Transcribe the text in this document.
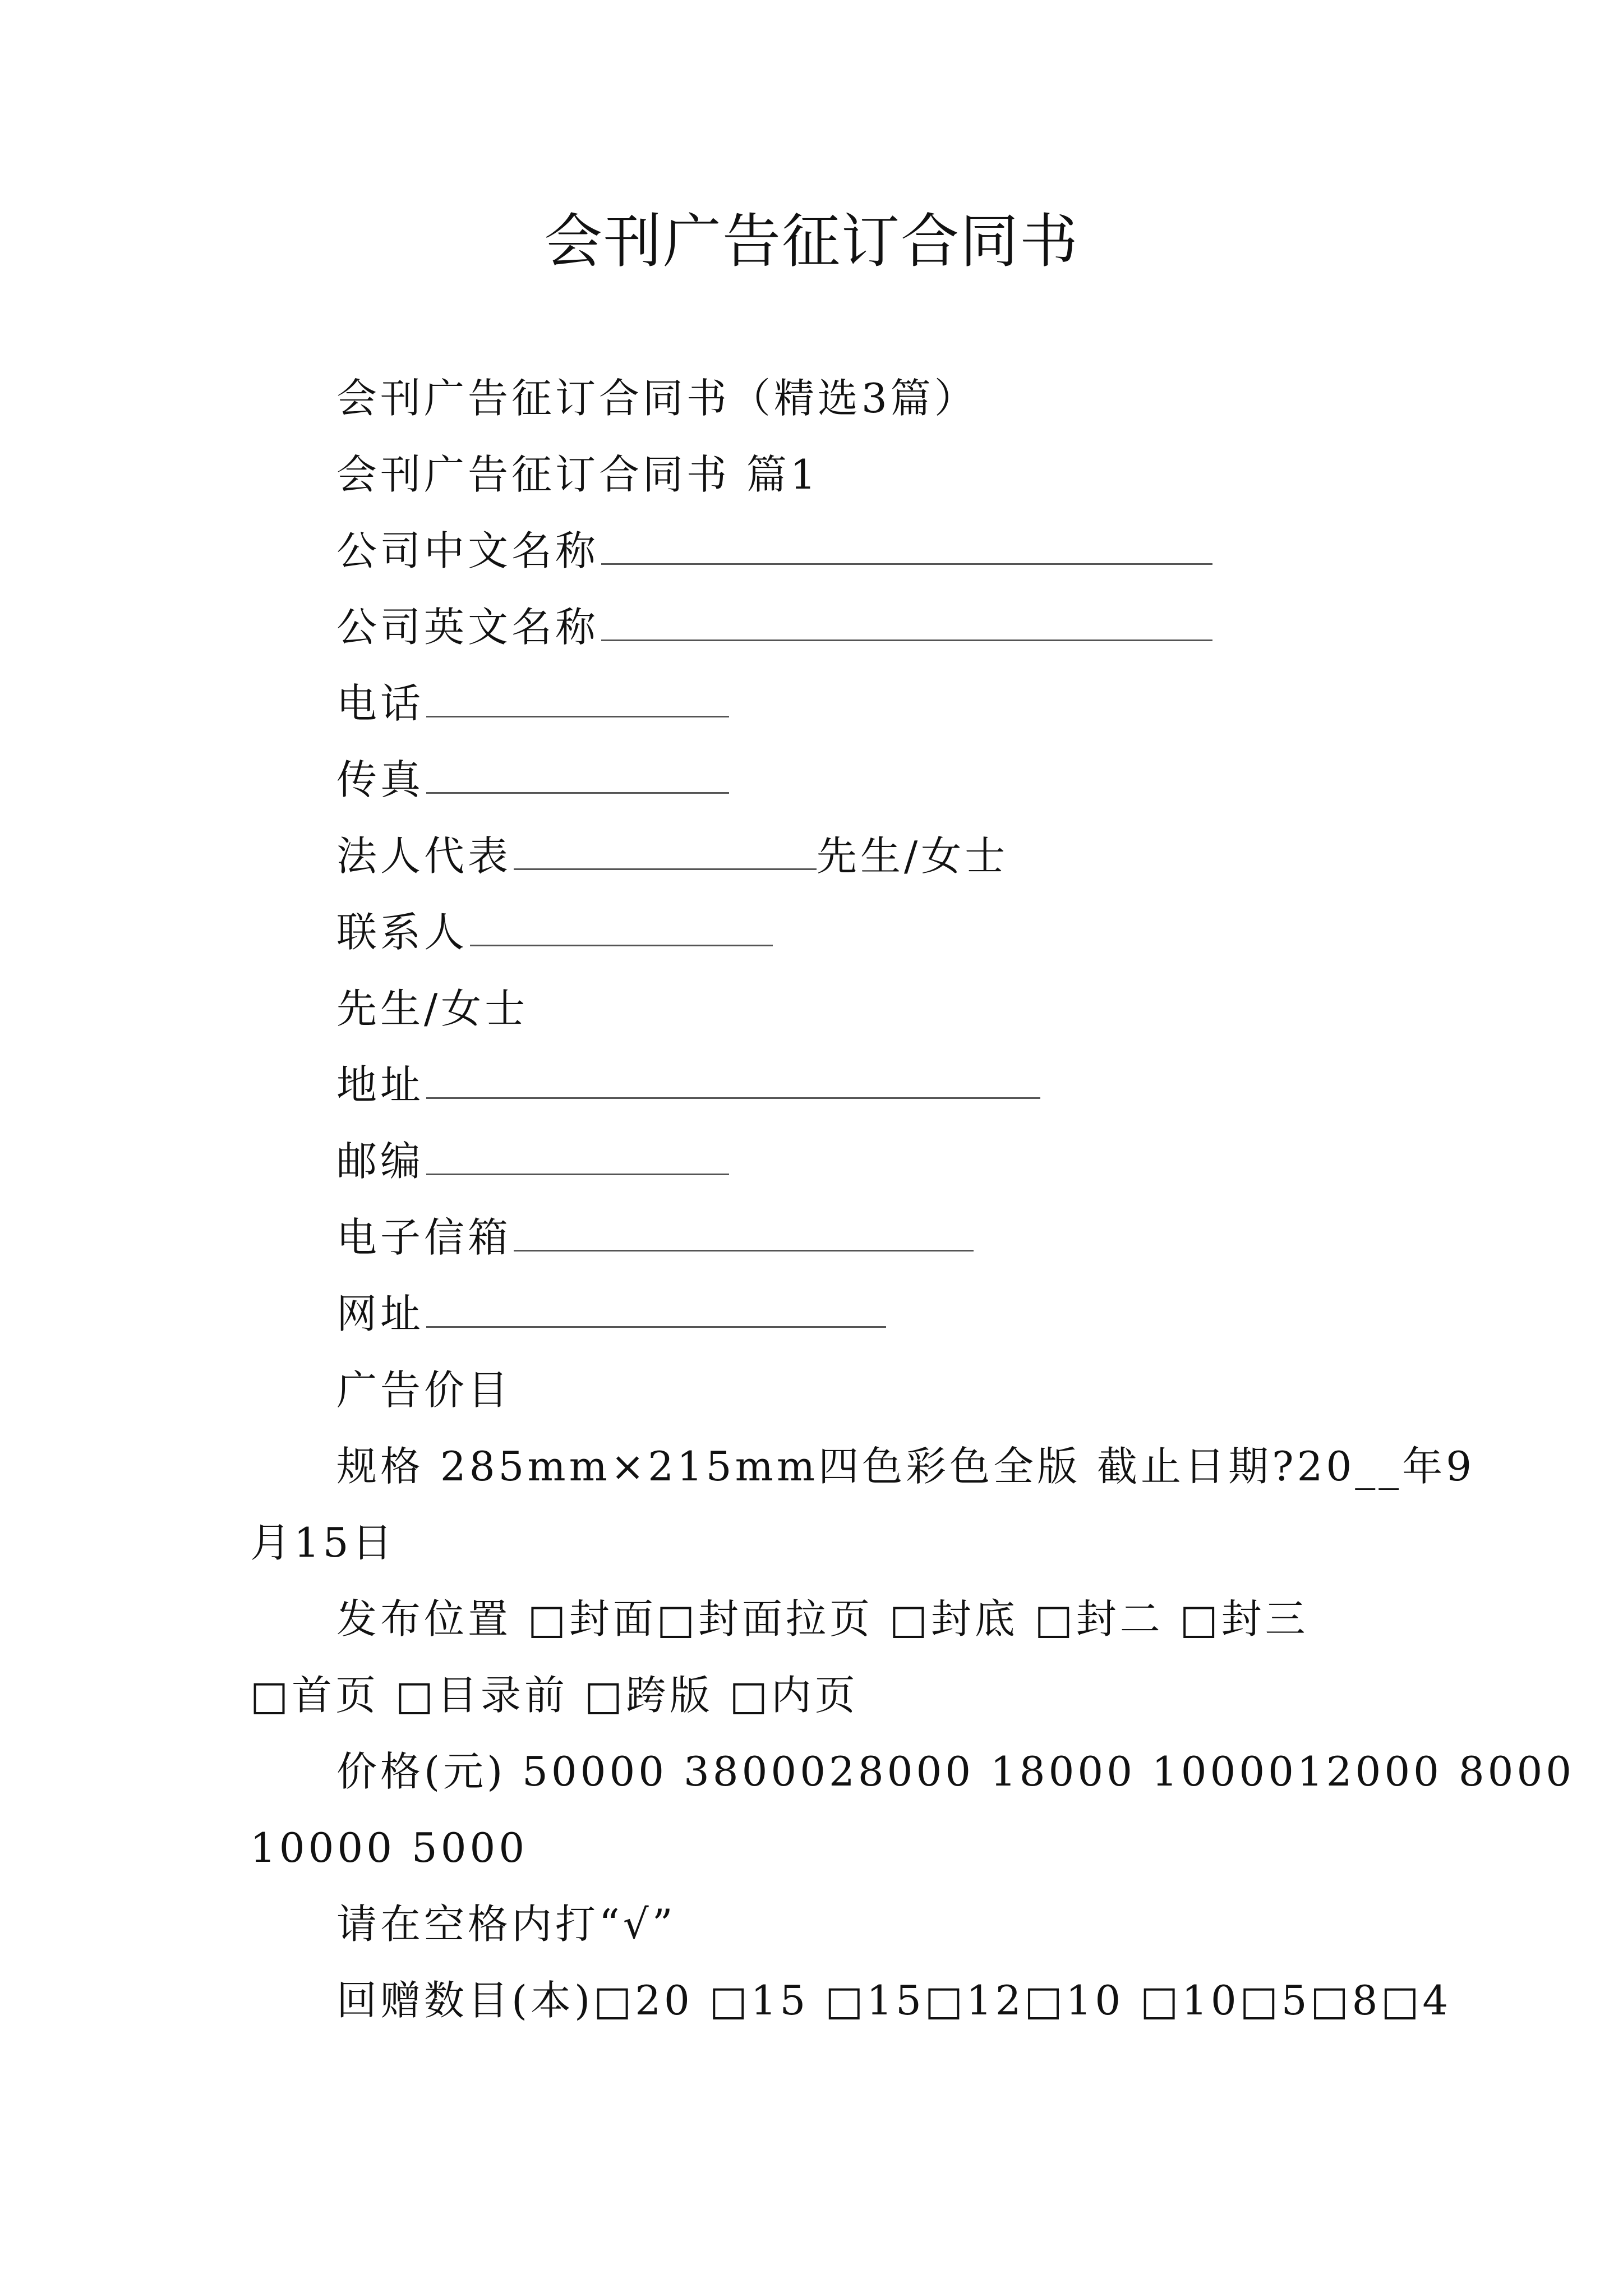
会刊广告征订合同书
会刊广告征订合同书（精选3篇）
会刊广告征订合同书 篇1
公司中文名称
公司英文名称
电话
传真
法人代表	先生/女士
联系人
先生/女士
地址
邮编
电子信箱
网址
广告价目
规格 285mm×215mm四色彩色全版 截止日期?20__年9
月15日
发布位置 □封面□封面拉页 □封底 □封二 □封三
□首页 □目录前 □跨版 □内页
价格(元) 50000 3800028000 18000 1000012000 8000
10000 5000
请在空格内打“√”
回赠数目(本)□20 □15 □15□12□10 □10□5□8□4
